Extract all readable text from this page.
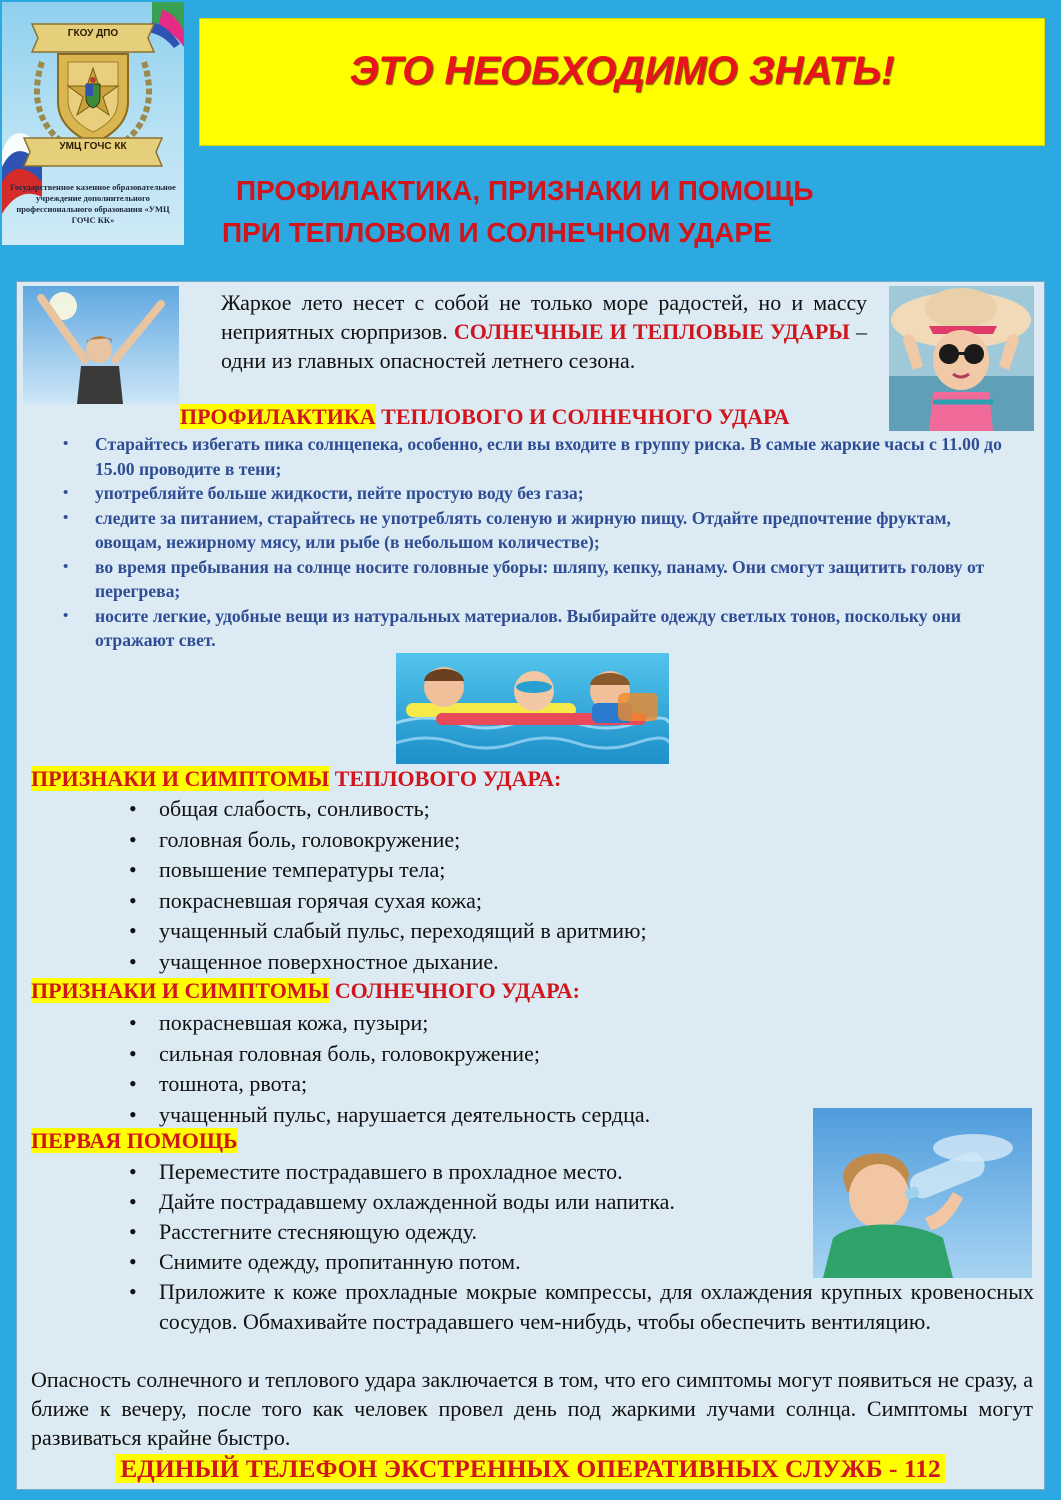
ГКОУ ДПО
УМЦ ГОЧС КК
Государственное казенное образовательное учреждение дополнительного профессионального образования «УМЦ ГОЧС КК»
ЭТО НЕОБХОДИМО ЗНАТЬ!
ПРОФИЛАКТИКА, ПРИЗНАКИ И ПОМОЩЬ
ПРИ ТЕПЛОВОМ И СОЛНЕЧНОМ УДАРЕ
Жаркое лето несет с собой не только море радостей, но и массу неприятных сюрпризов. СОЛНЕЧНЫЕ И ТЕПЛОВЫЕ УДАРЫ – одни из главных опасностей летнего сезона.
ПРОФИЛАКТИКА ТЕПЛОВОГО И СОЛНЕЧНОГО УДАРА
• Старайтесь избегать пика солнцепека, особенно, если вы входите в группу риска. В самые жаркие часы с 11.00 до 15.00 проводите в тени;
• употребляйте больше жидкости, пейте простую воду без газа;
• следите за питанием, старайтесь не употреблять соленую и жирную пищу. Отдайте предпочтение фруктам, овощам, нежирному мясу, или рыбе (в небольшом количестве);
• во время пребывания на солнце носите головные уборы: шляпу, кепку, панаму. Они смогут защитить голову от перегрева;
• носите легкие, удобные вещи из натуральных материалов. Выбирайте одежду светлых тонов, поскольку они отражают свет.
ПРИЗНАКИ И СИМПТОМЫ ТЕПЛОВОГО УДАРА:
• общая слабость, сонливость;
• головная боль, головокружение;
• повышение температуры тела;
• покрасневшая горячая сухая кожа;
• учащенный слабый пульс, переходящий в аритмию;
• учащенное поверхностное дыхание.
ПРИЗНАКИ И СИМПТОМЫ СОЛНЕЧНОГО УДАРА:
• покрасневшая кожа, пузыри;
• сильная головная боль, головокружение;
• тошнота, рвота;
• учащенный пульс, нарушается деятельность сердца.
ПЕРВАЯ ПОМОЩЬ
• Переместите пострадавшего в прохладное место.
• Дайте пострадавшему охлажденной воды или напитка.
• Расстегните стесняющую одежду.
• Снимите одежду, пропитанную потом.
• Приложите к коже прохладные мокрые компрессы, для охлаждения крупных кровеносных сосудов. Обмахивайте пострадавшего чем-нибудь, чтобы обеспечить вентиляцию.
Опасность солнечного и теплового удара заключается в том, что его симптомы могут появиться не сразу, а ближе к вечеру, после того как человек провел день под жаркими лучами солнца. Симптомы могут развиваться крайне быстро.
ЕДИНЫЙ ТЕЛЕФОН ЭКСТРЕННЫХ ОПЕРАТИВНЫХ СЛУЖБ - 112
